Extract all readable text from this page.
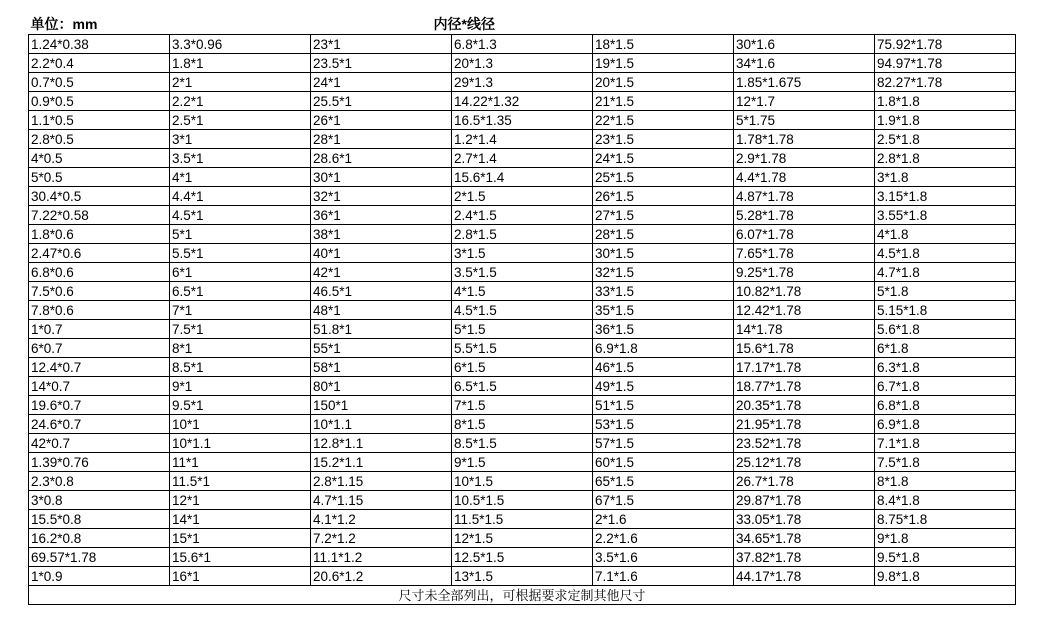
单位：mm	内径*线径					
1.24*0.38	3.3*0.96	23*1	6.8*1.3	18*1.5	30*1.6	75.92*1.78
2.2*0.4	1.8*1	23.5*1	20*1.3	19*1.5	34*1.6	94.97*1.78
0.7*0.5	2*1	24*1	29*1.3	20*1.5	1.85*1.675	82.27*1.78
0.9*0.5	2.2*1	25.5*1	14.22*1.32	21*1.5	12*1.7	1.8*1.8
1.1*0.5	2.5*1	26*1	16.5*1.35	22*1.5	5*1.75	1.9*1.8
2.8*0.5	3*1	28*1	1.2*1.4	23*1.5	1.78*1.78	2.5*1.8
4*0.5	3.5*1	28.6*1	2.7*1.4	24*1.5	2.9*1.78	2.8*1.8
5*0.5	4*1	30*1	15.6*1.4	25*1.5	4.4*1.78	3*1.8
30.4*0.5	4.4*1	32*1	2*1.5	26*1.5	4.87*1.78	3.15*1.8
7.22*0.58	4.5*1	36*1	2.4*1.5	27*1.5	5.28*1.78	3.55*1.8
1.8*0.6	5*1	38*1	2.8*1.5	28*1.5	6.07*1.78	4*1.8
2.47*0.6	5.5*1	40*1	3*1.5	30*1.5	7.65*1.78	4.5*1.8
6.8*0.6	6*1	42*1	3.5*1.5	32*1.5	9.25*1.78	4.7*1.8
7.5*0.6	6.5*1	46.5*1	4*1.5	33*1.5	10.82*1.78	5*1.8
7.8*0.6	7*1	48*1	4.5*1.5	35*1.5	12.42*1.78	5.15*1.8
1*0.7	7.5*1	51.8*1	5*1.5	36*1.5	14*1.78	5.6*1.8
6*0.7	8*1	55*1	5.5*1.5	6.9*1.8	15.6*1.78	6*1.8
12.4*0.7	8.5*1	58*1	6*1.5	46*1.5	17.17*1.78	6.3*1.8
14*0.7	9*1	80*1	6.5*1.5	49*1.5	18.77*1.78	6.7*1.8
19.6*0.7	9.5*1	150*1	7*1.5	51*1.5	20.35*1.78	6.8*1.8
24.6*0.7	10*1	10*1.1	8*1.5	53*1.5	21.95*1.78	6.9*1.8
42*0.7	10*1.1	12.8*1.1	8.5*1.5	57*1.5	23.52*1.78	7.1*1.8
1.39*0.76	11*1	15.2*1.1	9*1.5	60*1.5	25.12*1.78	7.5*1.8
2.3*0.8	11.5*1	2.8*1.15	10*1.5	65*1.5	26.7*1.78	8*1.8
3*0.8	12*1	4.7*1.15	10.5*1.5	67*1.5	29.87*1.78	8.4*1.8
15.5*0.8	14*1	4.1*1.2	11.5*1.5	2*1.6	33.05*1.78	8.75*1.8
16.2*0.8	15*1	7.2*1.2	12*1.5	2.2*1.6	34.65*1.78	9*1.8
69.57*1.78	15.6*1	11.1*1.2	12.5*1.5	3.5*1.6	37.82*1.78	9.5*1.8
1*0.9	16*1	20.6*1.2	13*1.5	7.1*1.6	44.17*1.78	9.8*1.8
尺寸未全部列出，可根据要求定制其他尺寸						
